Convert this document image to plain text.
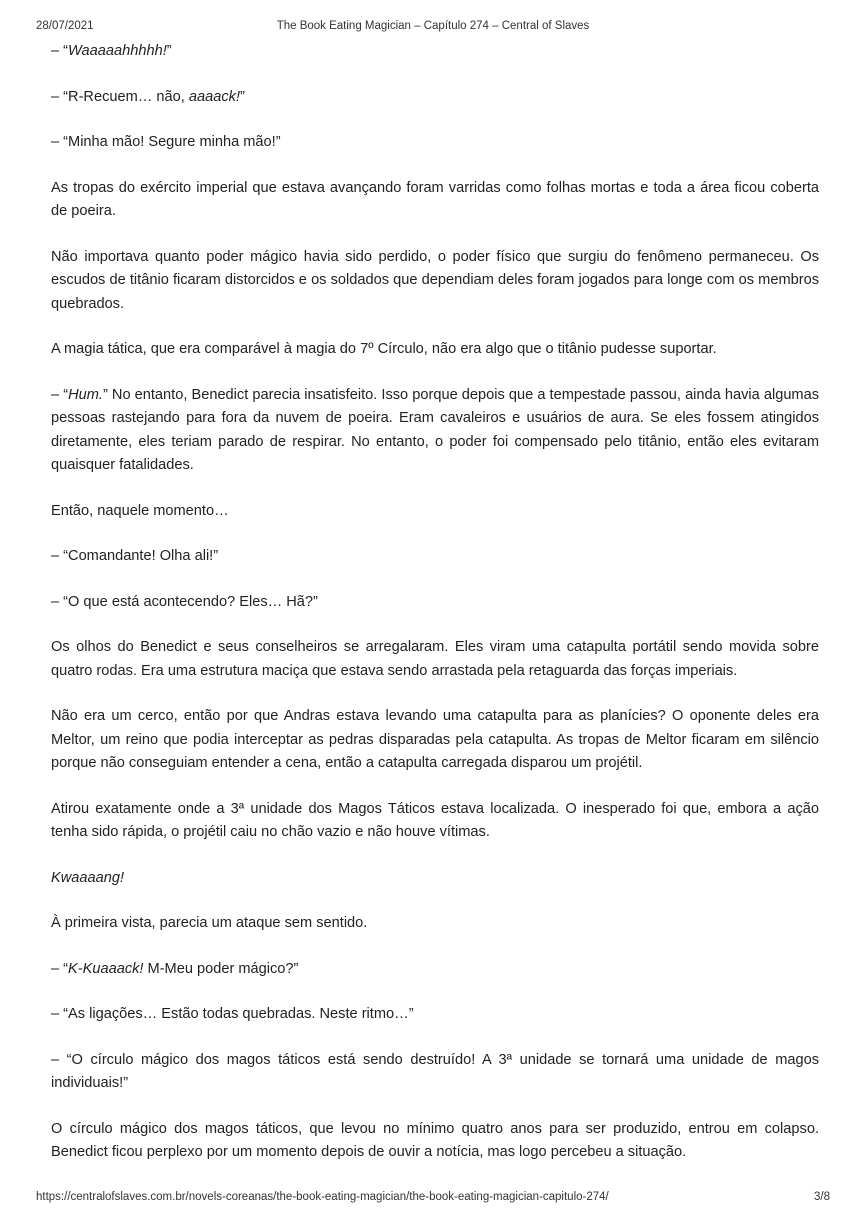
The Book Eating Magician – Capítulo 274 – Central of Slaves
28/07/2021

– “Waaaaahhhhh!”

– “R-Recuem… não, aaaack!”

– “Minha mão! Segure minha mão!”

As tropas do exército imperial que estava avançando foram varridas como folhas mortas e toda a área ficou coberta de poeira.

Não importava quanto poder mágico havia sido perdido, o poder físico que surgiu do fenômeno permaneceu. Os escudos de titânio ficaram distorcidos e os soldados que dependiam deles foram jogados para longe com os membros quebrados.

A magia tática, que era comparável à magia do 7º Círculo, não era algo que o titânio pudesse suportar.

– “Hum.” No entanto, Benedict parecia insatisfeito. Isso porque depois que a tempestade passou, ainda havia algumas pessoas rastejando para fora da nuvem de poeira. Eram cavaleiros e usuários de aura. Se eles fossem atingidos diretamente, eles teriam parado de respirar. No entanto, o poder foi compensado pelo titânio, então eles evitaram quaisquer fatalidades.

Então, naquele momento…

– “Comandante! Olha ali!”

– “O que está acontecendo? Eles… Hã?”

Os olhos do Benedict e seus conselheiros se arregalaram. Eles viram uma catapulta portátil sendo movida sobre quatro rodas. Era uma estrutura maciça que estava sendo arrastada pela retaguarda das forças imperiais.

Não era um cerco, então por que Andras estava levando uma catapulta para as planícies? O oponente deles era Meltor, um reino que podia interceptar as pedras disparadas pela catapulta. As tropas de Meltor ficaram em silêncio porque não conseguiam entender a cena, então a catapulta carregada disparou um projétil.

Atirou exatamente onde a 3ª unidade dos Magos Táticos estava localizada. O inesperado foi que, embora a ação tenha sido rápida, o projétil caiu no chão vazio e não houve vítimas.

Kwaaaang!

À primeira vista, parecia um ataque sem sentido.

– “K-Kuaaack! M-Meu poder mágico?”

– “As ligações… Estão todas quebradas. Neste ritmo…”

– “O círculo mágico dos magos táticos está sendo destruído! A 3ª unidade se tornará uma unidade de magos individuais!”

O círculo mágico dos magos táticos, que levou no mínimo quatro anos para ser produzido, entrou em colapso. Benedict ficou perplexo por um momento depois de ouvir a notícia, mas logo percebeu a situação.

https://centralofslaves.com.br/novels-coreanas/the-book-eating-magician/the-book-eating-magician-capitulo-274/	3/8
